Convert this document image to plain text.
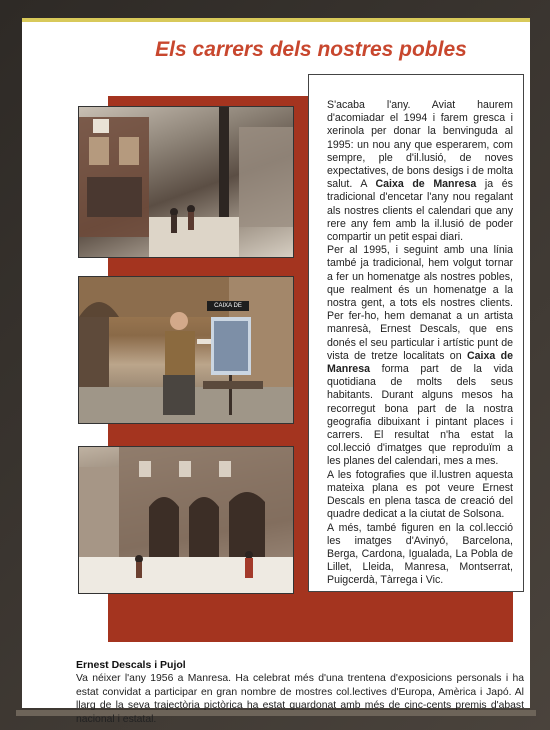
Els carrers dels nostres pobles
CAIXA DE

S'acaba l'any. Aviat haurem d'acomiadar el 1994 i farem gresca i xerinola per donar la benvinguda al 1995: un nou any que esperarem, com sempre, ple d'il.lusió, de noves expectatives, de bons desigs i de molta salut. A Caixa de Manresa ja és tradicional d'encetar l'any nou regalant als nostres clients el calendari que any rere any fem amb la il.lusió de poder compartir un petit espai diari.

Per al 1995, i seguint amb una línia també ja tradicional, hem volgut tornar a fer un homenatge als nostres pobles, que realment és un homenatge a la nostra gent, a tots els nostres clients. Per fer-ho, hem demanat a un artista manresà, Ernest Descals, que ens donés el seu particular i artístic punt de vista de tretze localitats on Caixa de Manresa forma part de la vida quotidiana de molts dels seus habitants. Durant alguns mesos ha recorregut bona part de la nostra geografia dibuixant i pintant places i carrers. El resultat n'ha estat la col.lecció d'imatges que reproduïm a les planes del calendari, mes a mes.

A les fotografies que il.lustren aquesta mateixa plana es pot veure Ernest Descals en plena tasca de creació del quadre dedicat a la ciutat de Solsona.

A més, també figuren en la col.lecció les imatges d'Avinyó, Barcelona, Berga, Cardona, Igualada, La Pobla de Lillet, Lleida, Manresa, Montserrat, Puigcerdà, Tàrrega i Vic.

Ernest Descals i Pujol
Va néixer l'any 1956 a Manresa. Ha celebrat més d'una trentena d'exposicions personals i ha estat convidat a participar en gran nombre de mostres col.lectives d'Europa, Amèrica i Japó. Al llarg de la seva trajectòria pictòrica ha estat guardonat amb més de cinc-cents premis d'abast nacional i estatal.
